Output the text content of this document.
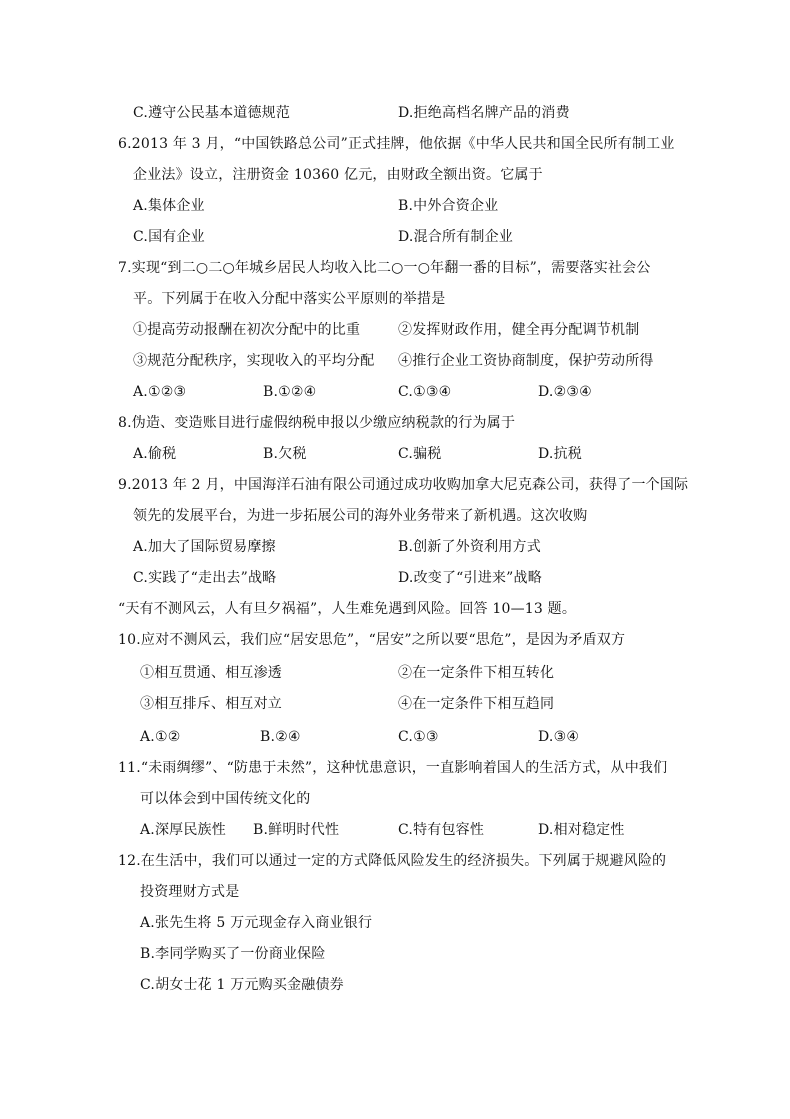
C.遵守公民基本道德规范	D.拒绝高档名牌产品的消费
6.2013 年 3 月，“中国铁路总公司”正式挂牌，他依据《中华人民共和国全民所有制工业
企业法》设立，注册资金 10360 亿元，由财政全额出资。它属于
A.集体企业	B.中外合资企业
C.国有企业	D.混合所有制企业
7.实现“到二○二○年城乡居民人均收入比二○一○年翻一番的目标”，需要落实社会公
平。下列属于在收入分配中落实公平原则的举措是
①提高劳动报酬在初次分配中的比重	②发挥财政作用，健全再分配调节机制
③规范分配秩序，实现收入的平均分配 ④推行企业工资协商制度，保护劳动所得
A.①②③	B.①②④	C.①③④	D.②③④
8.伪造、变造账目进行虚假纳税申报以少缴应纳税款的行为属于
A.偷税	B.欠税	C.骗税	D.抗税
9.2013 年 2 月，中国海洋石油有限公司通过成功收购加拿大尼克森公司，获得了一个国际
领先的发展平台，为进一步拓展公司的海外业务带来了新机遇。这次收购
A.加大了国际贸易摩擦	B.创新了外资利用方式
C.实践了“走出去”战略	D.改变了“引进来”战略
“天有不测风云，人有旦夕祸福”，人生难免遇到风险。回答 10—13 题。
10.应对不测风云，我们应“居安思危”，“居安”之所以要“思危”，是因为矛盾双方
①相互贯通、相互渗透	②在一定条件下相互转化
③相互排斥、相互对立	④在一定条件下相互趋同
A.①②	B.②④	C.①③	D.③④
11.“未雨绸缪”、“防患于未然”，这种忧患意识，一直影响着国人的生活方式，从中我们
可以体会到中国传统文化的
A.深厚民族性 B.鲜明时代性	C.特有包容性	D.相对稳定性
12.在生活中，我们可以通过一定的方式降低风险发生的经济损失。下列属于规避风险的
投资理财方式是
A.张先生将 5 万元现金存入商业银行
B.李同学购买了一份商业保险
C.胡女士花 1 万元购买金融债券
